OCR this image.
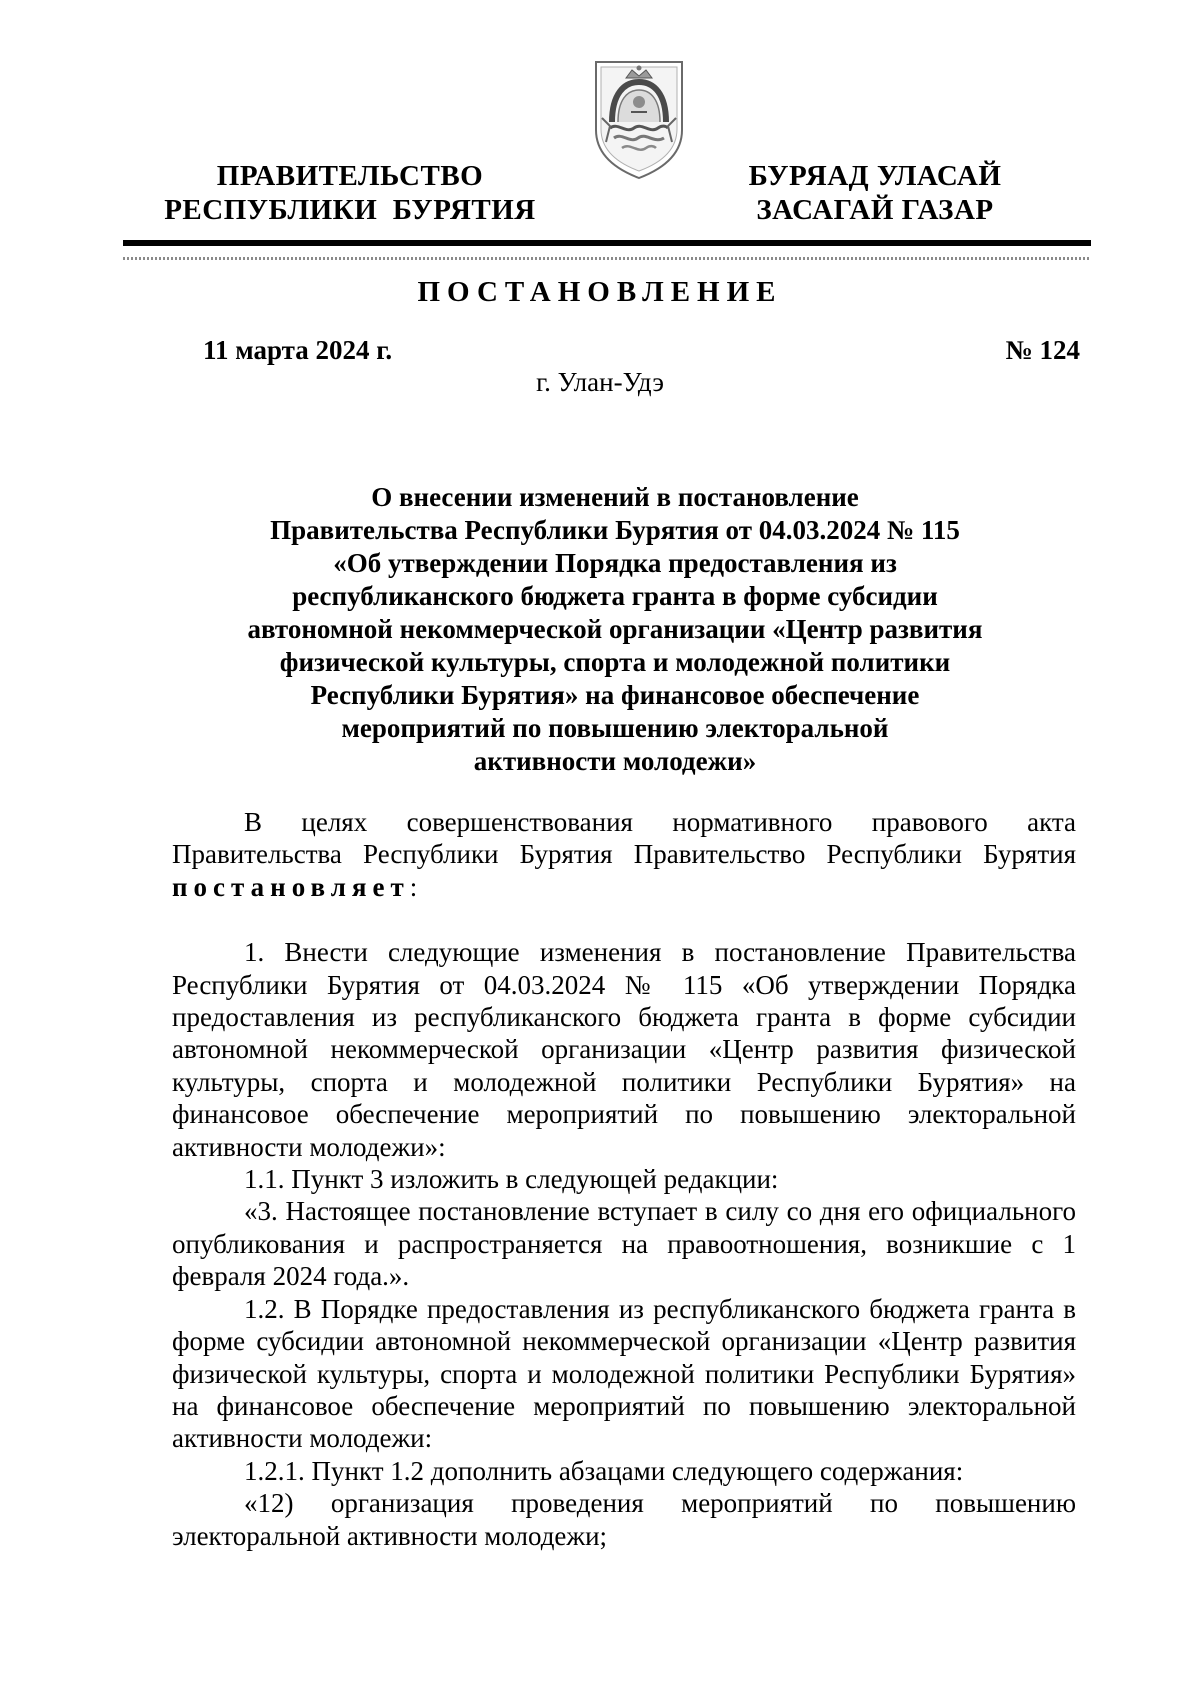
ПРАВИТЕЛЬСТВО
РЕСПУБЛИКИ  БУРЯТИЯ
БУРЯАД УЛАСАЙ
ЗАСАГАЙ ГАЗАР
ПОСТАНОВЛЕНИЕ
11 марта 2024 г.	№ 124
г. Улан-Удэ
О внесении изменений в постановление
Правительства Республики Бурятия от 04.03.2024 № 115
«Об утверждении Порядка предоставления из
республиканского бюджета гранта в форме субсидии
автономной некоммерческой организации «Центр развития
физической культуры, спорта и молодежной политики
Республики Бурятия» на финансовое обеспечение
мероприятий по повышению электоральной
активности молодежи»

В целях совершенствования нормативного правового акта Правительства Республики Бурятия Правительство Республики Бурятия постановляет:

1. Внести следующие изменения в постановление Правительства Республики Бурятия от 04.03.2024 № 115 «Об утверждении Порядка предоставления из республиканского бюджета гранта в форме субсидии автономной некоммерческой организации «Центр развития физической культуры, спорта и молодежной политики Республики Бурятия» на финансовое обеспечение мероприятий по повышению электоральной активности молодежи»:

1.1. Пункт 3 изложить в следующей редакции:

«3. Настоящее постановление вступает в силу со дня его официального опубликования и распространяется на правоотношения, возникшие с 1 февраля 2024 года.».

1.2. В Порядке предоставления из республиканского бюджета гранта в форме субсидии автономной некоммерческой организации «Центр развития физической культуры, спорта и молодежной политики Республики Бурятия» на финансовое обеспечение мероприятий по повышению электоральной активности молодежи:

1.2.1. Пункт 1.2 дополнить абзацами следующего содержания:

«12) организация проведения мероприятий по повышению электоральной активности молодежи;
